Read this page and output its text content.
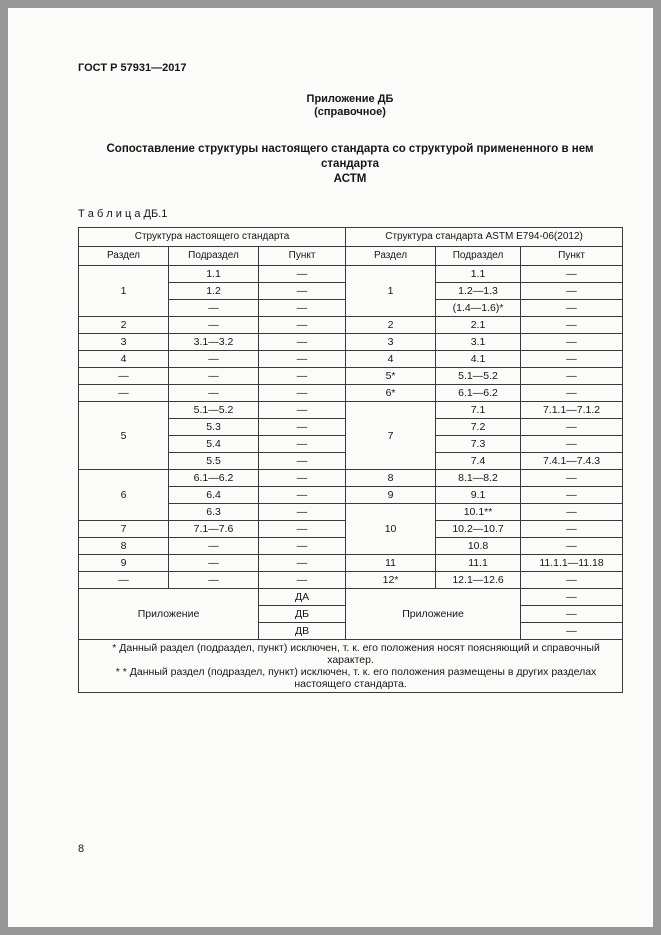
ГОСТ Р 57931—2017
Приложение ДБ
(справочное)
Сопоставление структуры настоящего стандарта со структурой примененного в нем стандарта
АСТМ
Т а б л и ц а ДБ.1
Структура настоящего стандарта			Структура стандарта ASTM E794-06(2012)		
Раздел	Подраздел	Пункт	Раздел	Подраздел	Пункт
1	1.1	—	1	1.1	—
	1.2	—		1.2—1.3	—
	—	—		(1.4—1.6)*	—
2	—	—	2	2.1	—
3	3.1—3.2	—	3	3.1	—
4	—	—	4	4.1	—
—	—	—	5*	5.1—5.2	—
—	—	—	6*	6.1—6.2	—
5	5.1—5.2	—	7	7.1	7.1.1—7.1.2
	5.3	—		7.2	—
	5.4	—		7.3	—
	5.5	—		7.4	7.4.1—7.4.3
6	6.1—6.2	—	8	8.1—8.2	—
	6.4	—	9	9.1	—
	6.3	—	10	10.1**	—
7	7.1—7.6	—		10.2—10.7	—
8	—	—		10.8	—
9	—	—	11	11.1	11.1.1—11.18
—	—	—	12*	12.1—12.6	—
Приложение		ДА	Приложение		—
		ДБ			—
		ДВ			—

* Данный раздел (подраздел, пункт) исключен, т. к. его положения носят поясняющий и справочный характер.
* * Данный раздел (подраздел, пункт) исключен, т. к. его положения размещены в других разделах настоящего стандарта.					
8
